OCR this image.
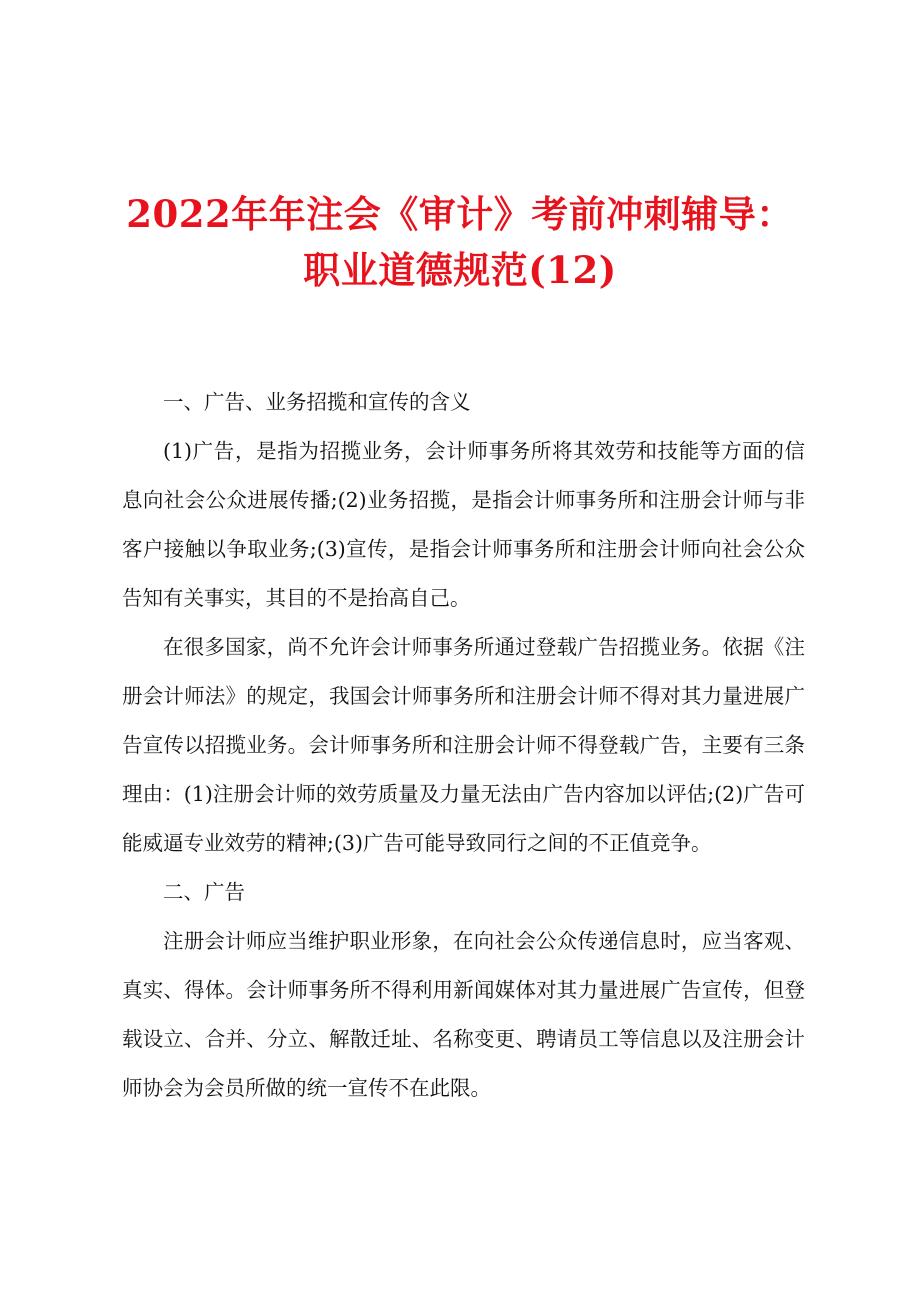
2022年年注会《审计》考前冲刺辅导：职业道德规范(12)

一、广告、业务招揽和宣传的含义

(1)广告，是指为招揽业务，会计师事务所将其效劳和技能等方面的信息向社会公众进展传播;(2)业务招揽，是指会计师事务所和注册会计师与非客户接触以争取业务;(3)宣传，是指会计师事务所和注册会计师向社会公众告知有关事实，其目的不是抬高自己。

在很多国家，尚不允许会计师事务所通过登载广告招揽业务。依据《注册会计师法》的规定，我国会计师事务所和注册会计师不得对其力量进展广告宣传以招揽业务。会计师事务所和注册会计师不得登载广告，主要有三条理由：(1)注册会计师的效劳质量及力量无法由广告内容加以评估;(2)广告可能威逼专业效劳的精神;(3)广告可能导致同行之间的不正值竞争。

二、广告

注册会计师应当维护职业形象，在向社会公众传递信息时，应当客观、真实、得体。会计师事务所不得利用新闻媒体对其力量进展广告宣传，但登载设立、合并、分立、解散迁址、名称变更、聘请员工等信息以及注册会计师协会为会员所做的统一宣传不在此限。
